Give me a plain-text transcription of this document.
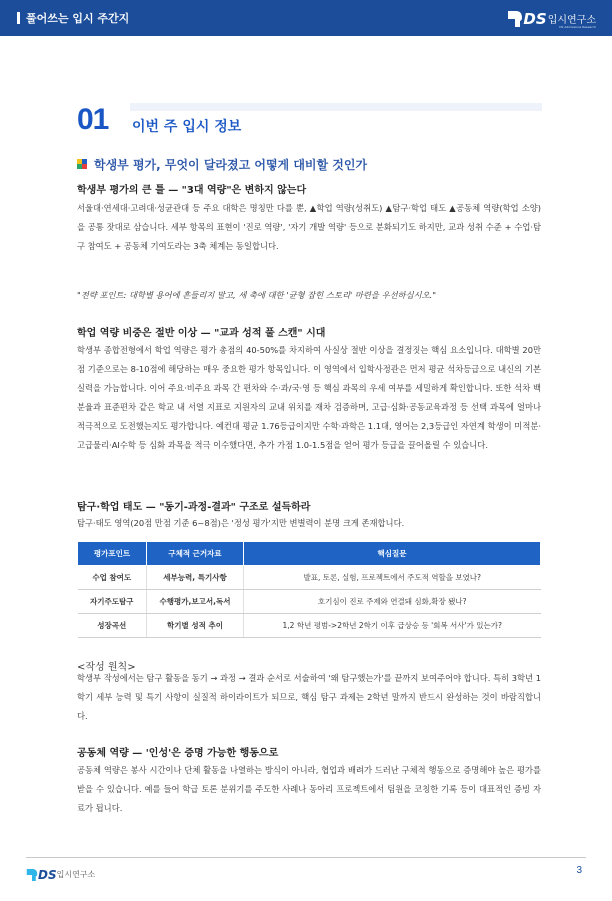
풀어쓰는 입시 주간지	DS입시연구소
DS Admissions Research
01 이번 주 입시 정보
학생부 평가, 무엇이 달라졌고 어떻게 대비할 것인가
학생부 평가의 큰 틀 — "3대 역량"은 변하지 않는다
서울대·연세대·고려대·성균관대 등 주요 대학은 명칭만 다를 뿐, ▲학업 역량(성취도) ▲탐구·학업 태도 ▲공동체 역량(학업 소양)을 공통 잣대로 삼습니다. 세부 항목의 표현이 '진로 역량', '자기 개발 역량' 등으로 분화되기도 하지만, 교과 성취 수준 + 수업·탐구 참여도 + 공동체 기여도라는 3축 체계는 동일합니다.
"전략 포인트: 대학별 용어에 흔들리지 말고, 세 축에 대한 '균형 잡힌 스토리' 마련을 우선하십시오."
학업 역량 비중은 절반 이상 — "교과 성적 풀 스캔" 시대
학생부 종합전형에서 학업 역량은 평가 총점의 40-50%를 차지하여 사실상 절반 이상을 결정짓는 핵심 요소입니다. 대학별 20만점 기준으로는 8-10점에 해당하는 매우 중요한 평가 항목입니다. 이 영역에서 입학사정관은 먼저 평균 석차등급으로 내신의 기본 실력을 가늠합니다. 이어 주요·비주요 과목 간 편차와 수·과/국·영 등 핵심 과목의 우세 여부를 세밀하게 확인합니다. 또한 석차 백분율과 표준편차 같은 학교 내 서열 지표로 지원자의 교내 위치를 재차 검증하며, 고급·심화·공동교육과정 등 선택 과목에 얼마나 적극적으로 도전했는지도 평가합니다. 예컨대 평균 1.76등급이지만 수학·과학은 1.1대, 영어는 2,3등급인 자연계 학생이 미적분·고급물리·AI수학 등 심화 과목을 적극 이수했다면, 추가 가점 1.0-1.5점을 얻어 평가 등급을 끌어올릴 수 있습니다.
탐구·학업 태도 — "동기-과정-결과" 구조로 설득하라
탐구·태도 영역(20점 만점 기준 6~8점)은 '정성 평가'지만 변별력이 분명 크게 존재합니다.
평가포인트	구체적 근거자료	핵심질문
수업 참여도	세부능력, 특기사항	발표, 토론, 실험, 프로젝트에서 주도적 역할을 보였나?
자기주도탐구	수행평가,보고서,독서	호기심이 진로 주제와 연결돼 심화,확장 됐나?
성장곡선	학기별 성적 추이	1,2 학년 평범->2학년 2학기 이후 급상승 등 '회복 서사'가 있는가?
<작성 원칙>
학생부 작성에서는 탐구 활동을 동기 → 과정 → 결과 순서로 서술하여 '왜 탐구했는가'를 끝까지 보여주어야 합니다. 특히 3학년 1학기 세부 능력 및 특기 사항이 실질적 하이라이트가 되므로, 핵심 탐구 과제는 2학년 말까지 반드시 완성하는 것이 바람직합니다.
공동체 역량 — '인성'은 증명 가능한 행동으로
공동체 역량은 봉사 시간이나 단체 활동을 나열하는 방식이 아니라, 협업과 배려가 드러난 구체적 행동으로 증명해야 높은 평가를 받을 수 있습니다. 예를 들어 학급 토론 분위기를 주도한 사례나 동아리 프로젝트에서 팀원을 코칭한 기록 등이 대표적인 증빙 자료가 됩니다.
DS입시연구소	3
